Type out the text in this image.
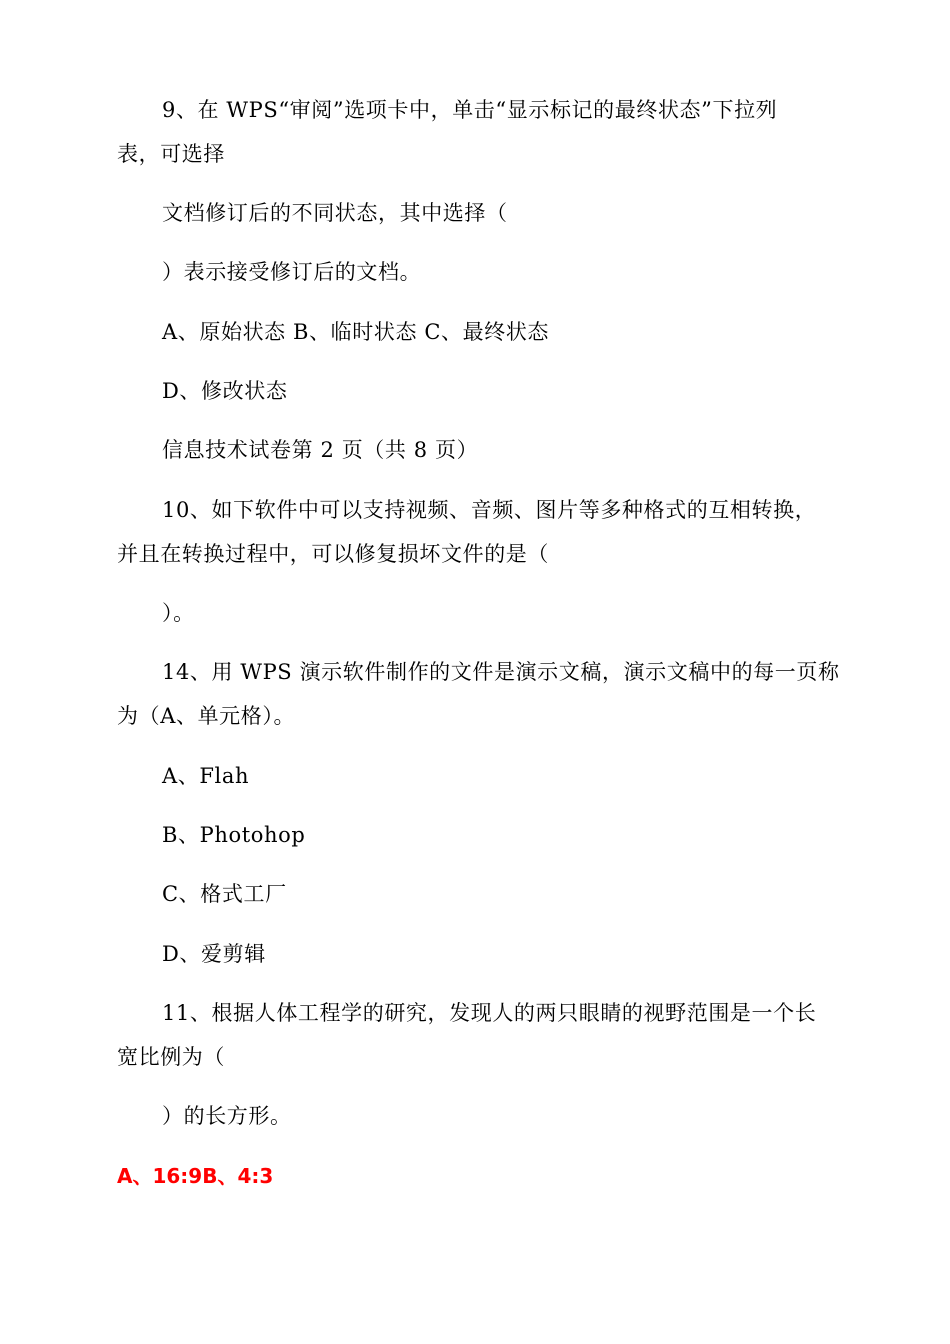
9、在 WPS“审阅”选项卡中，单击“显示标记的最终状态”下拉列
表，可选择
文档修订后的不同状态，其中选择（
）表示接受修订后的文档。
A、原始状态 B、临时状态 C、最终状态
D、修改状态
信息技术试卷第 2 页（共 8 页）
10、如下软件中可以支持视频、音频、图片等多种格式的互相转换，
并且在转换过程中，可以修复损坏文件的是（
）。
14、用 WPS 演示软件制作的文件是演示文稿，演示文稿中的每一页称
为（A、单元格）。
A、Flah
B、Photohop
C、格式工厂
D、爱剪辑
11、根据人体工程学的研究，发现人的两只眼睛的视野范围是一个长
宽比例为（
）的长方形。
A、16:9B、4:3
